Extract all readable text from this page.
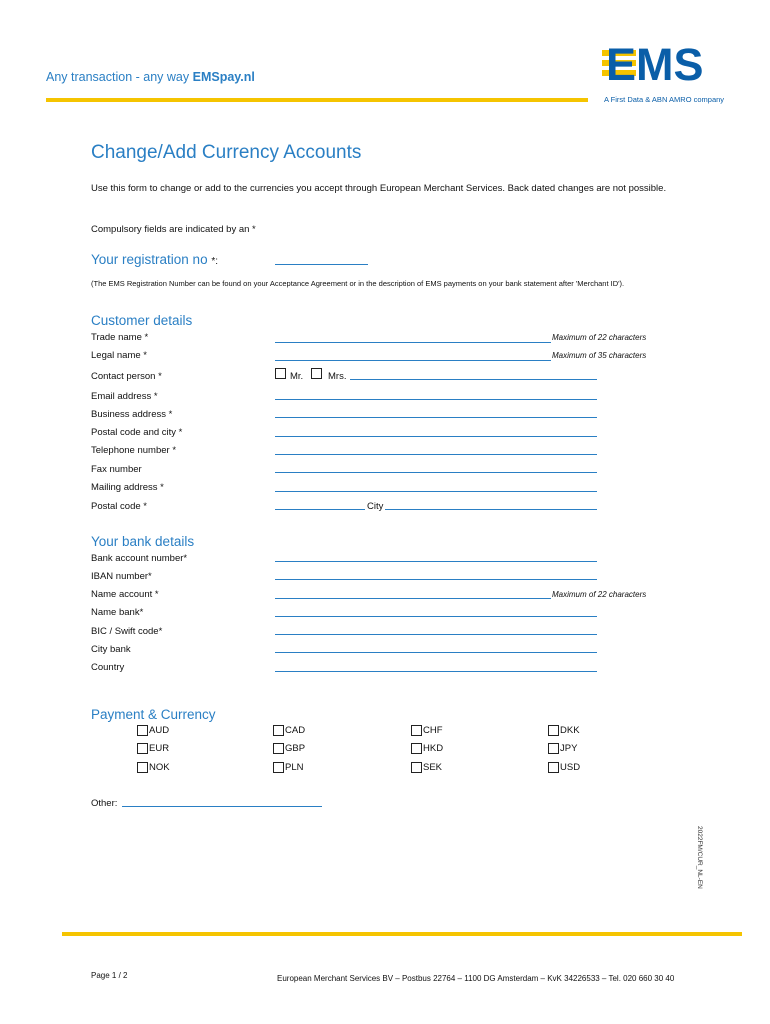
Any transaction - any way EMSpay.nl	EMS
A First Data & ABN AMRO company
Change/Add Currency Accounts
Use this form to change or add to the currencies you accept through European Merchant Services. Back dated changes are not possible.
Compulsory fields are indicated by an *
Your registration no *:
(The EMS Registration Number can be found on your Acceptance Agreement or in the description of EMS payments on your bank statement after 'Merchant ID').
Customer details
Trade name *	Maximum of 22 characters
Legal name *	Maximum of 35 characters
Contact person *	Mr.	Mrs.
Email address *
Business address *
Postal code and city *
Telephone number *
Fax number
Mailing address *
Postal code *	City
Your bank details
Bank account number*
IBAN number*
Name account *	Maximum of 22 characters
Name bank*
BIC / Swift code*
City bank
Country
Payment & Currency
AUD	CAD	CHF	DKK
EUR	GBP	HKD	JPY
NOK	PLN	SEK	USD
Other:
2022FM/CUR_NL-EN
Page 1 / 2	European Merchant Services BV – Postbus 22764 – 1100 DG Amsterdam – KvK 34226533 – Tel. 020 660 30 40
